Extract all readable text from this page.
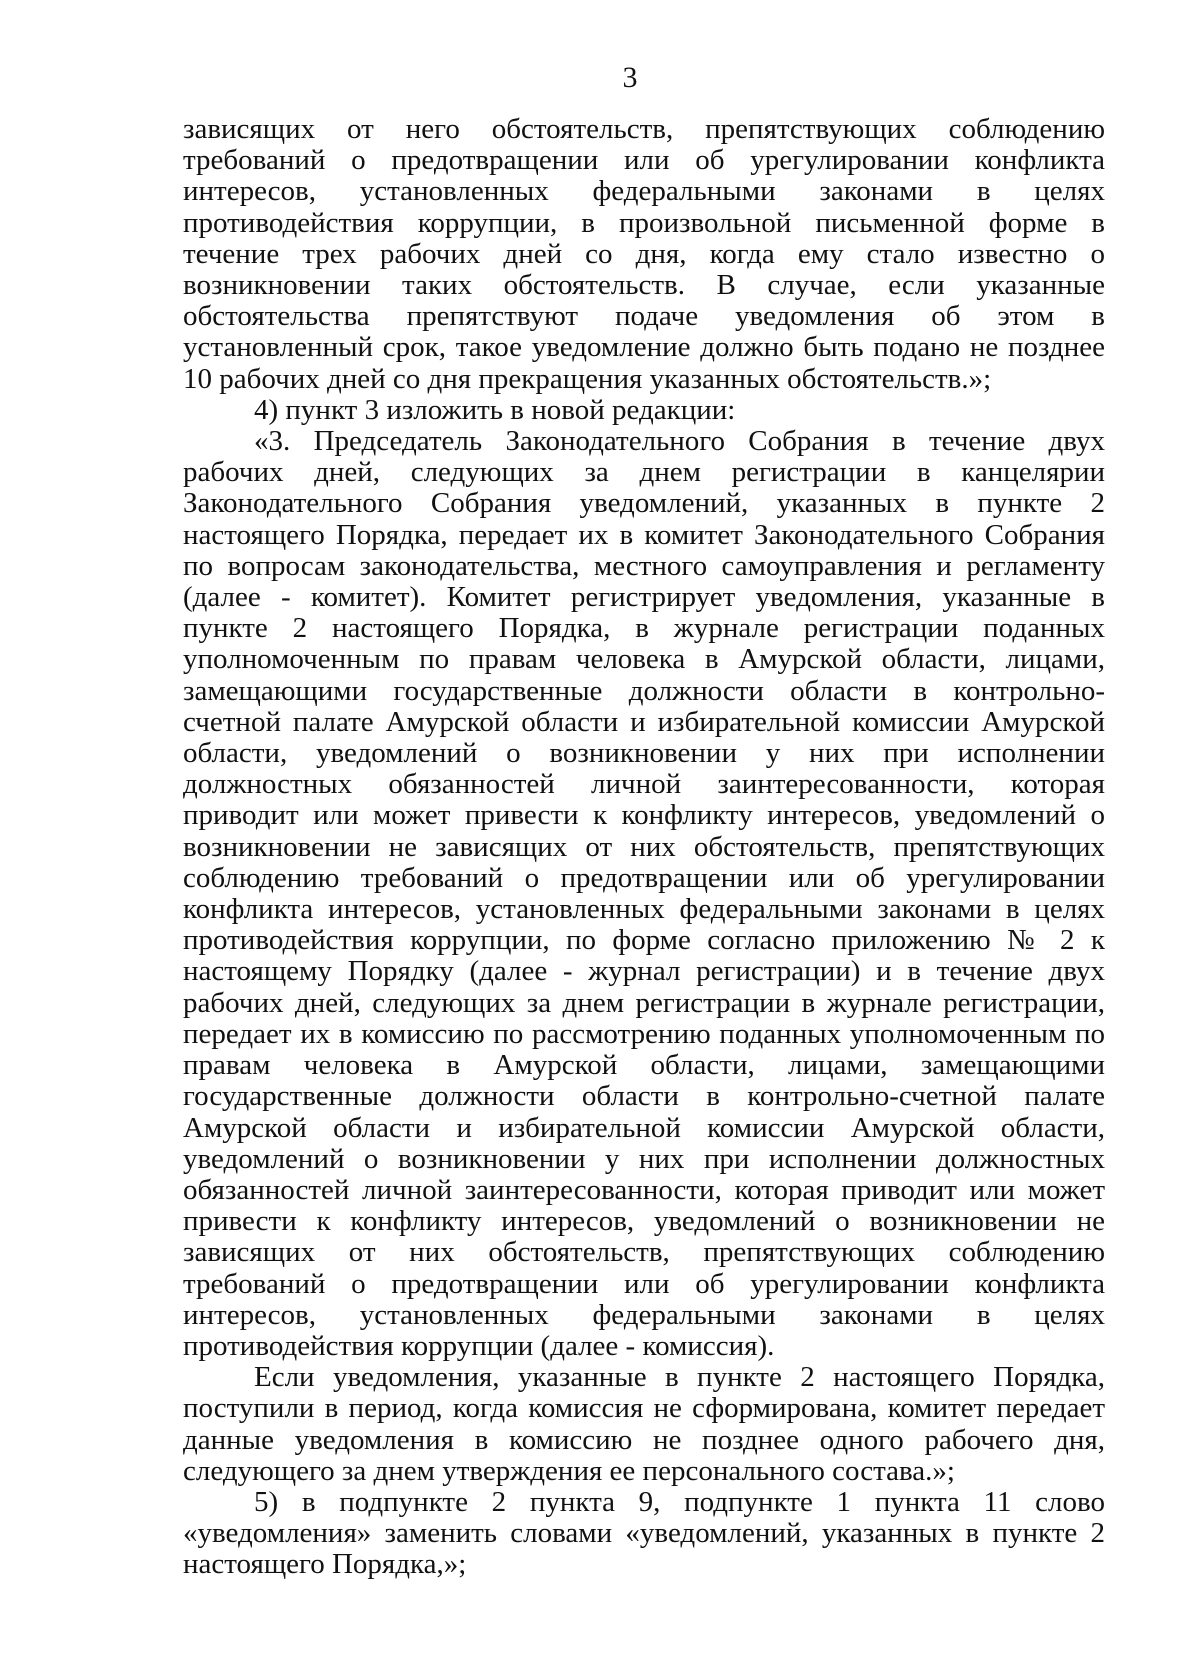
3

зависящих от него обстоятельств, препятствующих соблюдению требований о предотвращении или об урегулировании конфликта интересов, установленных федеральными законами в целях противодействия коррупции, в произвольной письменной форме в течение трех рабочих дней со дня, когда ему стало известно о возникновении таких обстоятельств. В случае, если указанные обстоятельства препятствуют подаче уведомления об этом в установленный срок, такое уведомление должно быть подано не позднее 10 рабочих дней со дня прекращения указанных обстоятельств.»;

4) пункт 3 изложить в новой редакции:

«3. Председатель Законодательного Собрания в течение двух рабочих дней, следующих за днем регистрации в канцелярии Законодательного Собрания уведомлений, указанных в пункте 2 настоящего Порядка, передает их в комитет Законодательного Собрания по вопросам законодательства, местного самоуправления и регламенту (далее - комитет). Комитет регистрирует уведомления, указанные в пункте 2 настоящего Порядка, в журнале регистрации поданных уполномоченным по правам человека в Амурской области, лицами, замещающими государственные должности области в контрольно-счетной палате Амурской области и избирательной комиссии Амурской области, уведомлений о возникновении у них при исполнении должностных обязанностей личной заинтересованности, которая приводит или может привести к конфликту интересов, уведомлений о возникновении не зависящих от них обстоятельств, препятствующих соблюдению требований о предотвращении или об урегулировании конфликта интересов, установленных федеральными законами в целях противодействия коррупции, по форме согласно приложению № 2 к настоящему Порядку (далее - журнал регистрации) и в течение двух рабочих дней, следующих за днем регистрации в журнале регистрации, передает их в комиссию по рассмотрению поданных уполномоченным по правам человека в Амурской области, лицами, замещающими государственные должности области в контрольно-счетной палате Амурской области и избирательной комиссии Амурской области, уведомлений о возникновении у них при исполнении должностных обязанностей личной заинтересованности, которая приводит или может привести к конфликту интересов, уведомлений о возникновении не зависящих от них обстоятельств, препятствующих соблюдению требований о предотвращении или об урегулировании конфликта интересов, установленных федеральными законами в целях противодействия коррупции (далее - комиссия).

Если уведомления, указанные в пункте 2 настоящего Порядка, поступили в период, когда комиссия не сформирована, комитет передает данные уведомления в комиссию не позднее одного рабочего дня, следующего за днем утверждения ее персонального состава.»;

5) в подпункте 2 пункта 9, подпункте 1 пункта 11 слово «уведомления» заменить словами «уведомлений, указанных в пункте 2 настоящего Порядка,»;
